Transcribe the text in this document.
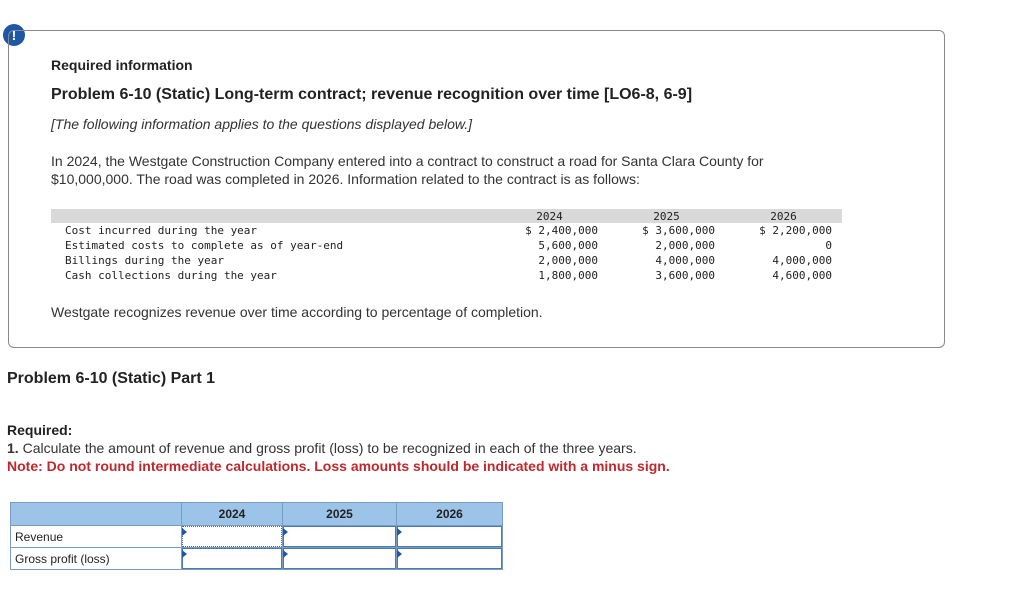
!
Required information
Problem 6-10 (Static) Long-term contract; revenue recognition over time [LO6-8, 6-9]
[The following information applies to the questions displayed below.]
In 2024, the Westgate Construction Company entered into a contract to construct a road for Santa Clara County for
$10,000,000. The road was completed in 2026. Information related to the contract is as follows:
	2024	2025	2026
Cost incurred during the year	$ 2,400,000	$ 3,600,000	$ 2,200,000
Estimated costs to complete as of year-end	5,600,000	2,000,000	0
Billings during the year	2,000,000	4,000,000	4,000,000
Cash collections during the year	1,800,000	3,600,000	4,600,000
Westgate recognizes revenue over time according to percentage of completion.
Problem 6-10 (Static) Part 1
Required:
1. Calculate the amount of revenue and gross profit (loss) to be recognized in each of the three years.
Note: Do not round intermediate calculations. Loss amounts should be indicated with a minus sign.
	2024	2025	2026
Revenue	

Gross profit (loss)	
